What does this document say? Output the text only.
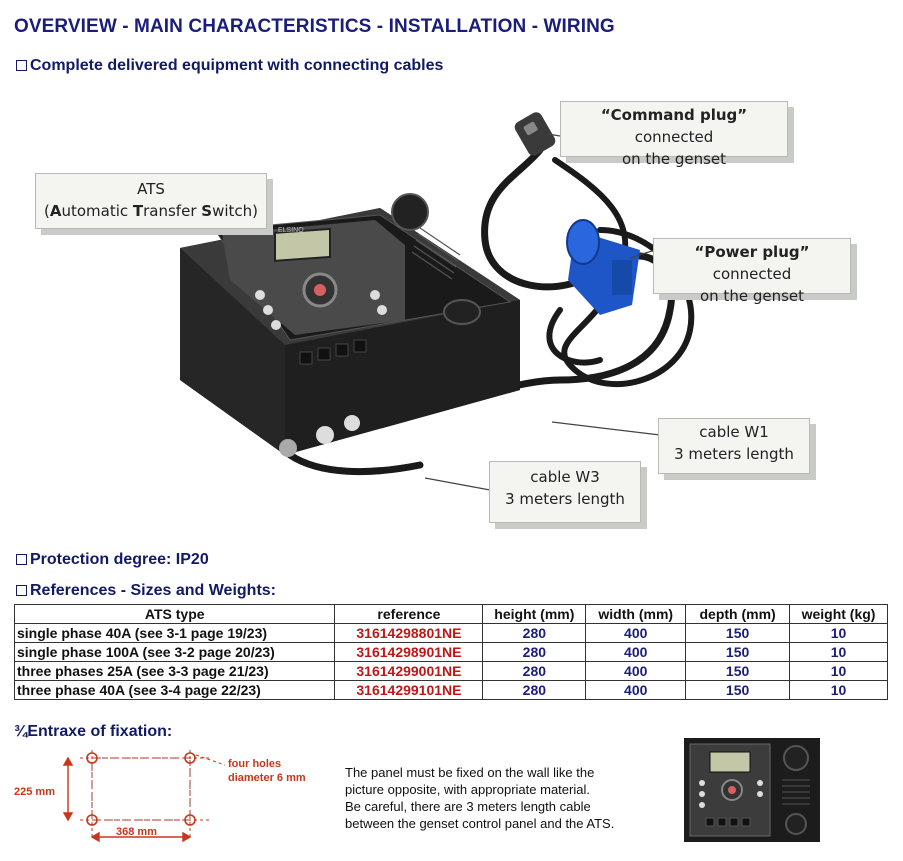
OVERVIEW - MAIN CHARACTERISTICS - INSTALLATION - WIRING
Complete delivered equipment with connecting cables
ELSINO
ATS
(Automatic Transfer Switch)
“Command plug” connected
on the genset
“Power plug” connected
on the genset
cable W1
3 meters length
cable W3
3 meters length
Protection degree: IP20
References - Sizes and Weights:
ATS type	reference	height (mm)	width (mm)	depth (mm)	weight (kg)
single phase 40A (see 3-1 page 19/23)	31614298801NE	280	400	150	10
single phase 100A (see 3-2 page 20/23)	31614298901NE	280	400	150	10
three phases 25A (see 3-3 page 21/23)	31614299001NE	280	400	150	10
three phase 40A (see 3-4 page 22/23)	31614299101NE	280	400	150	10
¾Entraxe of fixation:
four holes
diameter 6 mm
225 mm
368 mm
The panel must be fixed on the wall like the
picture opposite, with appropriate material.
Be careful, there are 3 meters length cable
between the genset control panel and the ATS.
